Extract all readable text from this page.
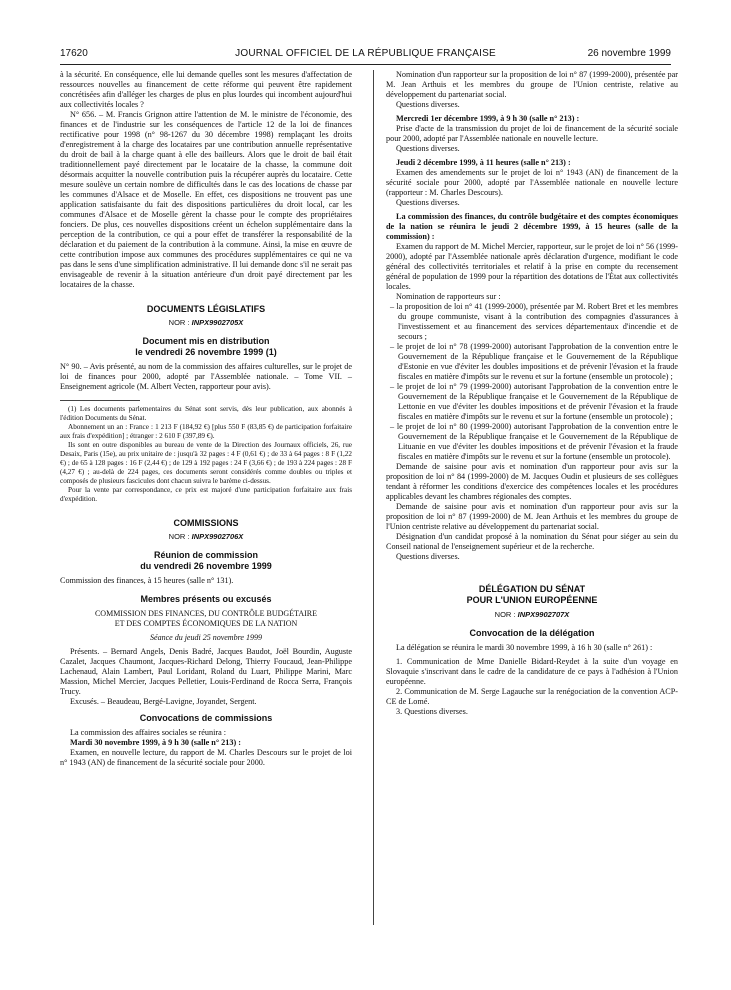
17620	JOURNAL OFFICIEL DE LA RÉPUBLIQUE FRANÇAISE	26 novembre 1999

à la sécurité. En conséquence, elle lui demande quelles sont les mesures d'affectation de ressources nouvelles au financement de cette réforme qui peuvent être rapidement concrétisées afin d'alléger les charges de plus en plus lourdes qui incombent aujourd'hui aux collectivités locales ?

N° 656. – M. Francis Grignon attire l'attention de M. le ministre de l'économie, des finances et de l'industrie sur les conséquences de l'article 12 de la loi de finances rectificative pour 1998 (n° 98-1267 du 30 décembre 1998) remplaçant les droits d'enregistrement à la charge des locataires par une contribution annuelle représentative du droit de bail à la charge quant à elle des bailleurs. Alors que le droit de bail était traditionnellement payé directement par le locataire de la chasse, la commune doit désormais acquitter la nouvelle contribution puis la récupérer auprès du locataire. Cette mesure soulève un certain nombre de difficultés dans le cas des locations de chasse par les communes d'Alsace et de Moselle. En effet, ces dispositions ne trouvent pas une application satisfaisante du fait des dispositions particulières du droit local, car les communes d'Alsace et de Moselle gèrent la chasse pour le compte des propriétaires fonciers. De plus, ces nouvelles dispositions créent un échelon supplémentaire dans la perception de la contribution, ce qui a pour effet de transférer la responsabilité de la déclaration et du paiement de la contribution à la commune. Ainsi, la mise en œuvre de cette contribution impose aux communes des procédures supplémentaires ce qui ne va pas dans le sens d'une simplification administrative. Il lui demande donc s'il ne serait pas envisageable de revenir à la situation antérieure d'un droit payé directement par les locataires de la chasse.

DOCUMENTS LÉGISLATIFS
NOR : INPX9902705X
Document mis en distribution
le vendredi 26 novembre 1999 (1)

N° 90. – Avis présenté, au nom de la commission des affaires culturelles, sur le projet de loi de finances pour 2000, adopté par l'Assemblée nationale. – Tome VII. – Enseignement agricole (M. Albert Vecten, rapporteur pour avis).

(1) Les documents parlementaires du Sénat sont servis, dès leur publication, aux abonnés à l'édition Documents du Sénat.

Abonnement un an : France : 1 213 F (184,92 €) [plus 550 F (83,85 €) de participation forfaitaire aux frais d'expédition] ; étranger : 2 610 F (397,89 €).

Ils sont en outre disponibles au bureau de vente de la Direction des Journaux officiels, 26, rue Desaix, Paris (15e), au prix unitaire de : jusqu'à 32 pages : 4 F (0,61 €) ; de 33 à 64 pages : 8 F (1,22 €) ; de 65 à 128 pages : 16 F (2,44 €) ; de 129 à 192 pages : 24 F (3,66 €) ; de 193 à 224 pages : 28 F (4,27 €) ; au-delà de 224 pages, ces documents seront considérés comme doubles ou triples et composés de plusieurs fascicules dont chacun suivra le barème ci-dessus.

Pour la vente par correspondance, ce prix est majoré d'une participation forfaitaire aux frais d'expédition.

COMMISSIONS
NOR : INPX9902706X
Réunion de commission
du vendredi 26 novembre 1999

Commission des finances, à 15 heures (salle n° 131).

Membres présents ou excusés
COMMISSION DES FINANCES, DU CONTRÔLE BUDGÉTAIRE
ET DES COMPTES ÉCONOMIQUES DE LA NATION
Séance du jeudi 25 novembre 1999

Présents. – Bernard Angels, Denis Badré, Jacques Baudot, Joël Bourdin, Auguste Cazalet, Jacques Chaumont, Jacques-Richard Delong, Thierry Foucaud, Jean-Philippe Lachenaud, Alain Lambert, Paul Loridant, Roland du Luart, Philippe Marini, Marc Massion, Michel Mercier, Jacques Pelletier, Louis-Ferdinand de Rocca Serra, François Trucy.

Excusés. – Beaudeau, Bergé-Lavigne, Joyandet, Sergent.

Convocations de commissions

La commission des affaires sociales se réunira :

Mardi 30 novembre 1999, à 9 h 30 (salle n° 213) :

Examen, en nouvelle lecture, du rapport de M. Charles Descours sur le projet de loi n° 1943 (AN) de financement de la sécurité sociale pour 2000.

Nomination d'un rapporteur sur la proposition de loi n° 87 (1999-2000), présentée par M. Jean Arthuis et les membres du groupe de l'Union centriste, relative au développement du partenariat social.

Questions diverses.

Mercredi 1er décembre 1999, à 9 h 30 (salle n° 213) :

Prise d'acte de la transmission du projet de loi de financement de la sécurité sociale pour 2000, adopté par l'Assemblée nationale en nouvelle lecture.

Questions diverses.

Jeudi 2 décembre 1999, à 11 heures (salle n° 213) :

Examen des amendements sur le projet de loi n° 1943 (AN) de financement de la sécurité sociale pour 2000, adopté par l'Assemblée nationale en nouvelle lecture (rapporteur : M. Charles Descours).

Questions diverses.

La commission des finances, du contrôle budgétaire et des comptes économiques de la nation se réunira le jeudi 2 décembre 1999, à 15 heures (salle de la commission) :

Examen du rapport de M. Michel Mercier, rapporteur, sur le projet de loi n° 56 (1999-2000), adopté par l'Assemblée nationale après déclaration d'urgence, modifiant le code général des collectivités territoriales et relatif à la prise en compte du recensement général de population de 1999 pour la répartition des dotations de l'État aux collectivités locales.

Nomination de rapporteurs sur :

– la proposition de loi n° 41 (1999-2000), présentée par M. Robert Bret et les membres du groupe communiste, visant à la contribution des compagnies d'assurances à l'investissement et au financement des services départementaux d'incendie et de secours ;
– le projet de loi n° 78 (1999-2000) autorisant l'approbation de la convention entre le Gouvernement de la République française et le Gouvernement de la République d'Estonie en vue d'éviter les doubles impositions et de prévenir l'évasion et la fraude fiscales en matière d'impôts sur le revenu et sur la fortune (ensemble un protocole) ;
– le projet de loi n° 79 (1999-2000) autorisant l'approbation de la convention entre le Gouvernement de la République française et le Gouvernement de la République de Lettonie en vue d'éviter les doubles impositions et de prévenir l'évasion et la fraude fiscales en matière d'impôts sur le revenu et sur la fortune (ensemble un protocole) ;
– le projet de loi n° 80 (1999-2000) autorisant l'approbation de la convention entre le Gouvernement de la République française et le Gouvernement de la République de Lituanie en vue d'éviter les doubles impositions et de prévenir l'évasion et la fraude fiscales en matière d'impôts sur le revenu et sur la fortune (ensemble un protocole).

Demande de saisine pour avis et nomination d'un rapporteur pour avis sur la proposition de loi n° 84 (1999-2000) de M. Jacques Oudin et plusieurs de ses collègues tendant à réformer les conditions d'exercice des compétences locales et les procédures applicables devant les chambres régionales des comptes.

Demande de saisine pour avis et nomination d'un rapporteur pour avis sur la proposition de loi n° 87 (1999-2000) de M. Jean Arthuis et les membres du groupe de l'Union centriste relative au développement du partenariat social.

Désignation d'un candidat proposé à la nomination du Sénat pour siéger au sein du Conseil national de l'enseignement supérieur et de la recherche.

Questions diverses.

DÉLÉGATION DU SÉNAT
POUR L'UNION EUROPÉENNE
NOR : INPX9902707X
Convocation de la délégation

La délégation se réunira le mardi 30 novembre 1999, à 16 h 30 (salle n° 261) :

1. Communication de Mme Danielle Bidard-Reydet à la suite d'un voyage en Slovaquie s'inscrivant dans le cadre de la candidature de ce pays à l'adhésion à l'Union européenne.

2. Communication de M. Serge Lagauche sur la renégociation de la convention ACP-CE de Lomé.

3. Questions diverses.
